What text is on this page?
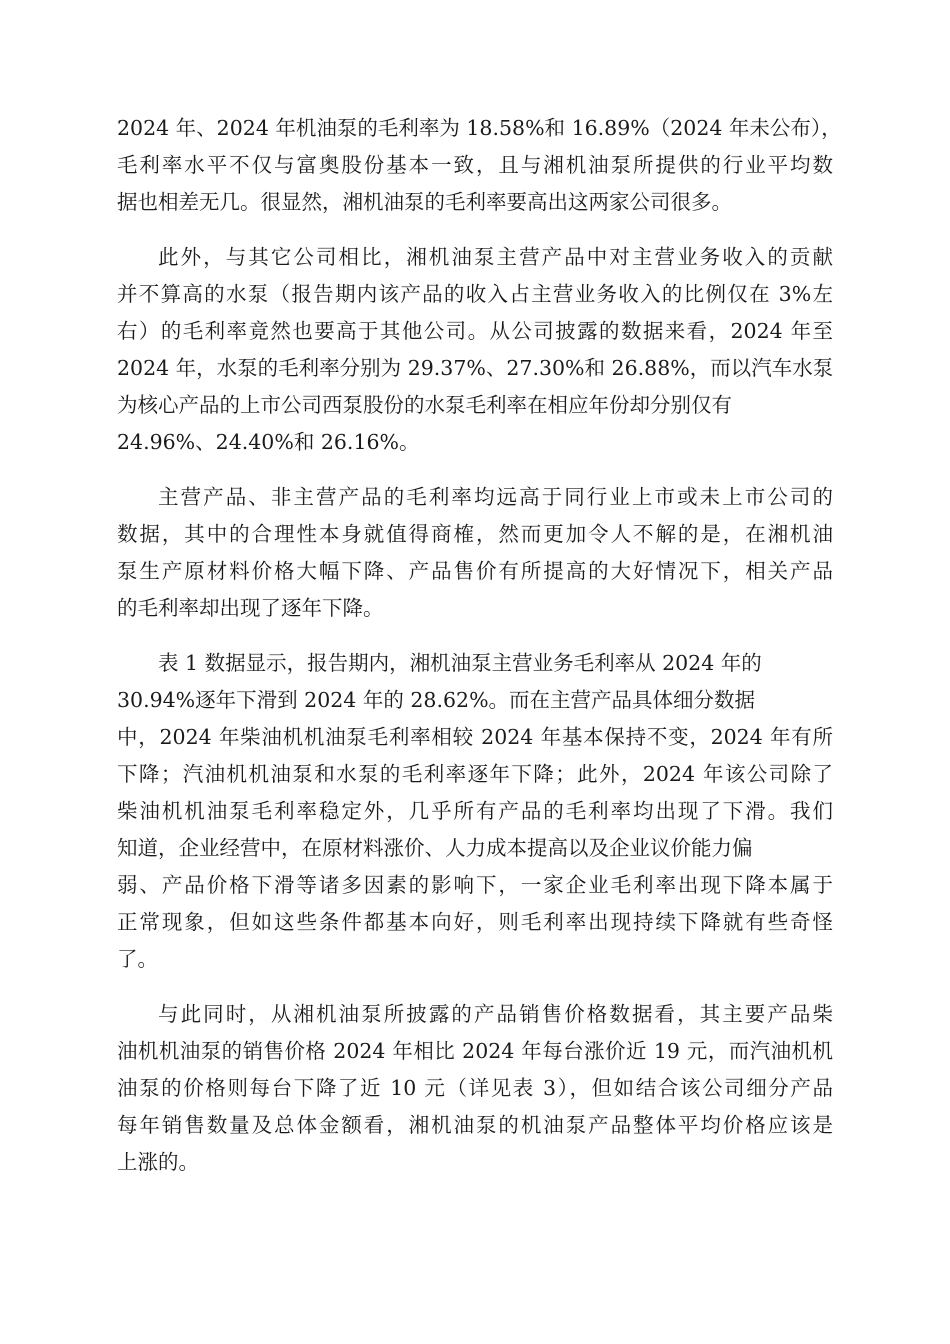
2024 年、2024 年机油泵的毛利率为 18.58%和 16.89%（2024 年未公布），
毛利率水平不仅与富奥股份基本一致，且与湘机油泵所提供的行业平均数
据也相差无几。很显然，湘机油泵的毛利率要高出这两家公司很多。
此外，与其它公司相比，湘机油泵主营产品中对主营业务收入的贡献
并不算高的水泵（报告期内该产品的收入占主营业务收入的比例仅在 3%左
右）的毛利率竟然也要高于其他公司。从公司披露的数据来看，2024 年至
2024 年，水泵的毛利率分别为 29.37%、27.30%和 26.88%，而以汽车水泵
为核心产品的上市公司西泵股份的水泵毛利率在相应年份却分别仅有
24.96%、24.40%和 26.16%。
主营产品、非主营产品的毛利率均远高于同行业上市或未上市公司的
数据，其中的合理性本身就值得商榷，然而更加令人不解的是，在湘机油
泵生产原材料价格大幅下降、产品售价有所提高的大好情况下，相关产品
的毛利率却出现了逐年下降。
表 1 数据显示，报告期内，湘机油泵主营业务毛利率从 2024 年的
30.94%逐年下滑到 2024 年的 28.62%。而在主营产品具体细分数据
中，2024 年柴油机机油泵毛利率相较 2024 年基本保持不变，2024 年有所
下降；汽油机机油泵和水泵的毛利率逐年下降；此外，2024 年该公司除了
柴油机机油泵毛利率稳定外，几乎所有产品的毛利率均出现了下滑。我们
知道，企业经营中，在原材料涨价、人力成本提高以及企业议价能力偏
弱、产品价格下滑等诸多因素的影响下，一家企业毛利率出现下降本属于
正常现象，但如这些条件都基本向好，则毛利率出现持续下降就有些奇怪
了。
与此同时，从湘机油泵所披露的产品销售价格数据看，其主要产品柴
油机机油泵的销售价格 2024 年相比 2024 年每台涨价近 19 元，而汽油机机
油泵的价格则每台下降了近 10 元（详见表 3），但如结合该公司细分产品
每年销售数量及总体金额看，湘机油泵的机油泵产品整体平均价格应该是
上涨的。
